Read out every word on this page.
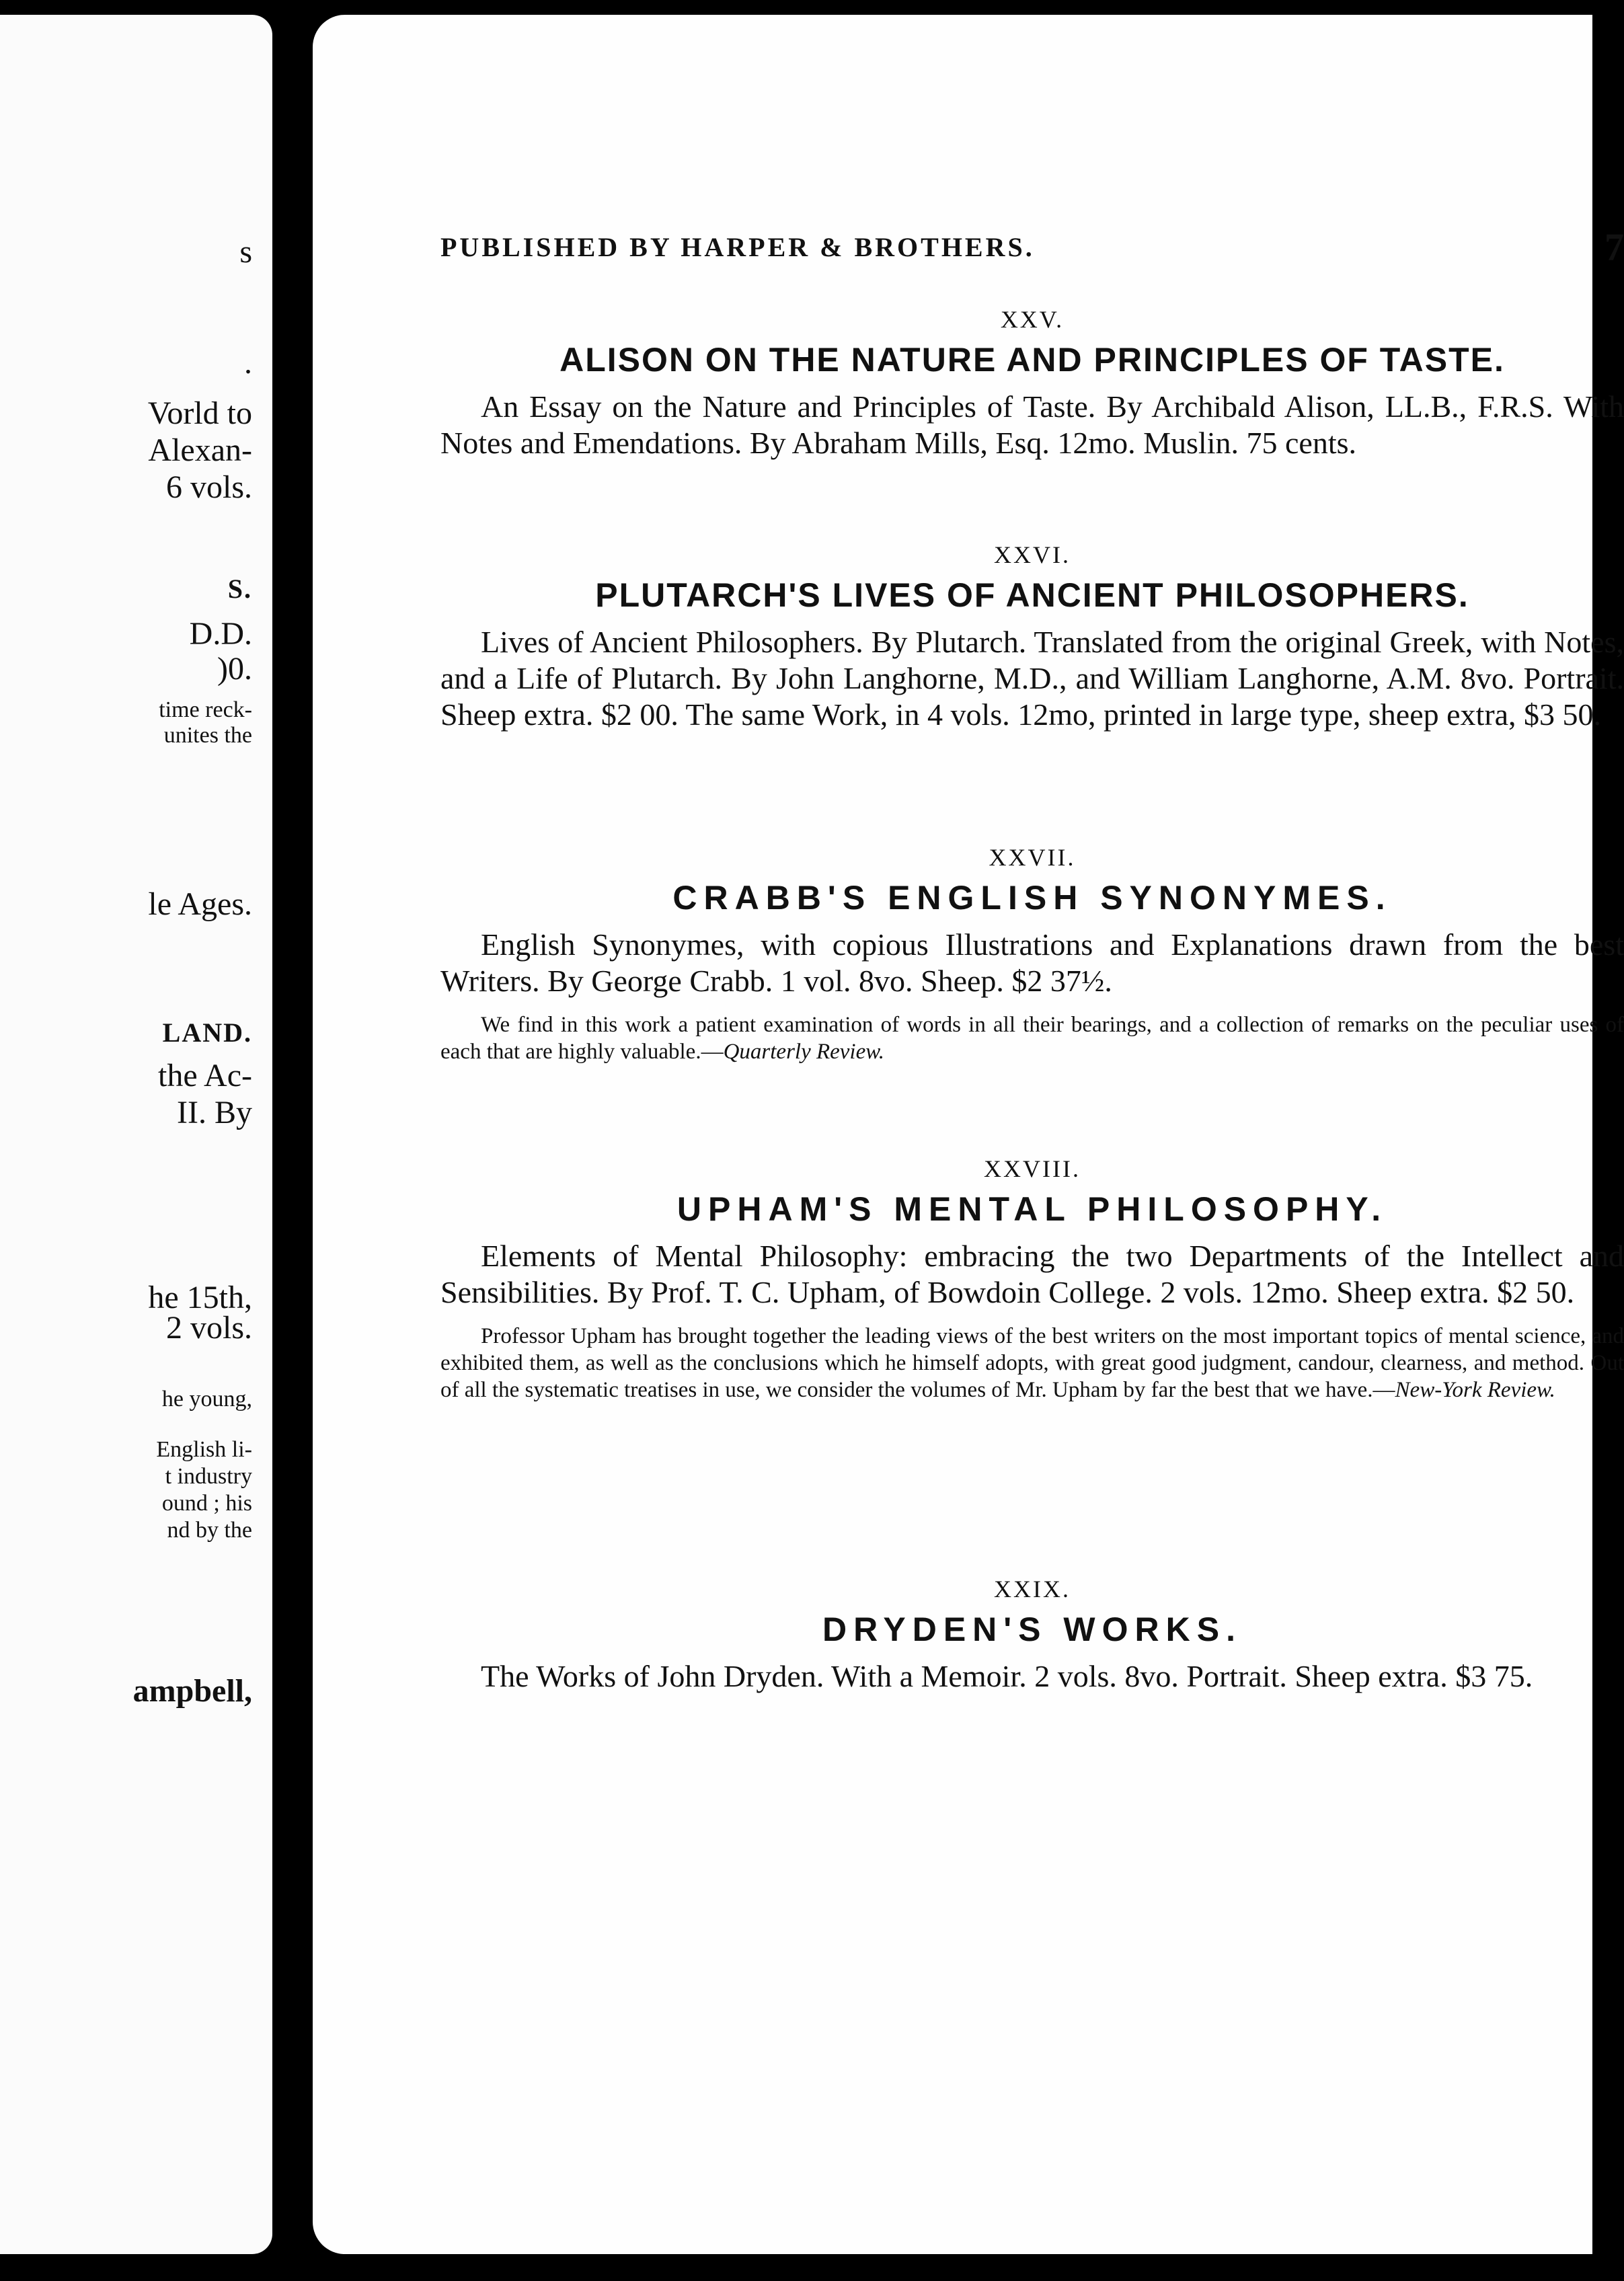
s
.
Vorld to
Alexan-
6 vols.
S.
D.D.
)0.
time reck-
unites the
le Ages.
LAND.
the Ac-
II. By
he 15th,
2 vols.
he young,
English li-
t industry
ound ; his
nd by the
ampbell,
PUBLISHED BY HARPER & BROTHERS.	7
XXV.
ALISON ON THE NATURE AND PRINCIPLES OF TASTE.
An Essay on the Nature and Principles of Taste. By Archibald Alison, LL.B., F.R.S. With Notes and Emendations. By Abraham Mills, Esq. 12mo. Muslin. 75 cents.
XXVI.
PLUTARCH'S LIVES OF ANCIENT PHILOSOPHERS.
Lives of Ancient Philosophers. By Plutarch. Translated from the original Greek, with Notes, and a Life of Plutarch. By John Langhorne, M.D., and William Langhorne, A.M. 8vo. Portrait. Sheep extra. $2 00. The same Work, in 4 vols. 12mo, printed in large type, sheep extra, $3 50.
XXVII.
CRABB'S ENGLISH SYNONYMES.
English Synonymes, with copious Illustrations and Explanations drawn from the best Writers. By George Crabb. 1 vol. 8vo. Sheep. $2 37½.
We find in this work a patient examination of words in all their bearings, and a collection of remarks on the peculiar uses of each that are highly valuable.—Quarterly Review.
XXVIII.
UPHAM'S MENTAL PHILOSOPHY.
Elements of Mental Philosophy: embracing the two Departments of the Intellect and Sensibilities. By Prof. T. C. Upham, of Bowdoin College. 2 vols. 12mo. Sheep extra. $2 50.
Professor Upham has brought together the leading views of the best writers on the most important topics of mental science, and exhibited them, as well as the conclusions which he himself adopts, with great good judgment, candour, clearness, and method. Out of all the systematic treatises in use, we consider the volumes of Mr. Upham by far the best that we have.—New-York Review.
XXIX.
DRYDEN'S WORKS.
The Works of John Dryden. With a Memoir. 2 vols. 8vo. Portrait. Sheep extra. $3 75.
